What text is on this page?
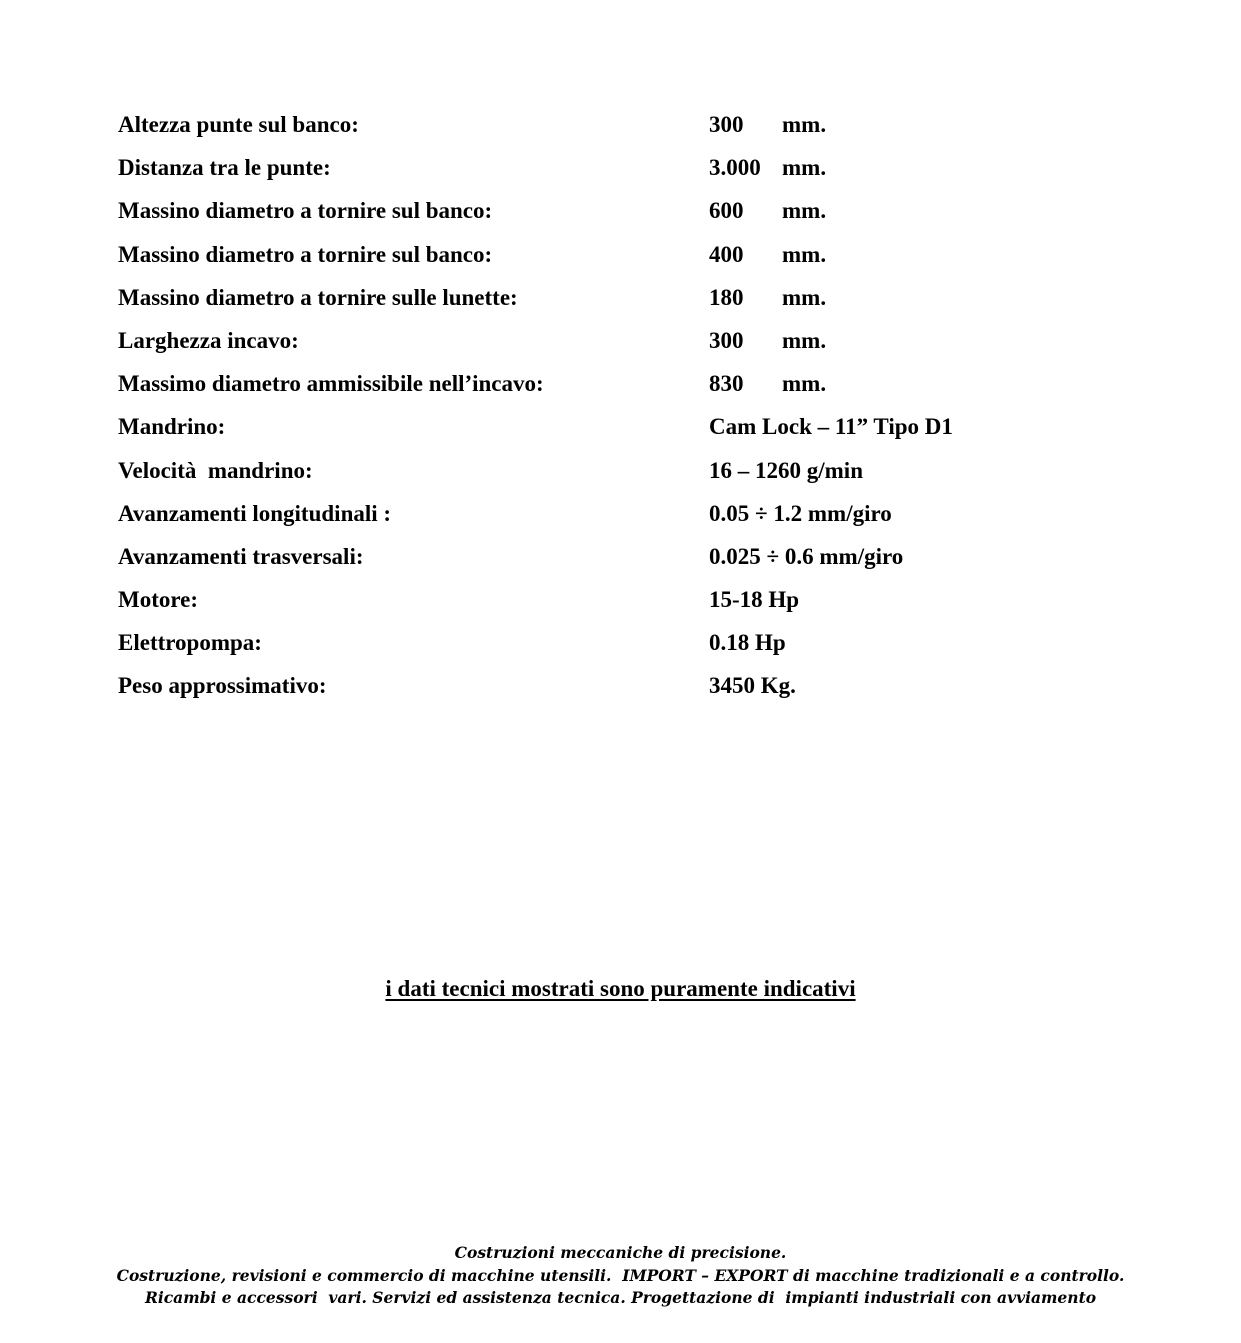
Altezza punte sul banco:

	300

mm.

Distanza tra le punte:

	3.000

mm.

Massino diametro a tornire sul banco:

	600

mm.

Massino diametro a tornire sul banco:

	400

mm.

Massino diametro a tornire sulle lunette:

	180

mm.

Larghezza incavo:

	300

mm.

Massimo diametro ammissibile nell’incavo:

	830

mm.

Mandrino:

	Cam Lock – 11” Tipo D1

Velocità  mandrino:

	16 – 1260 g/min

Avanzamenti longitudinali :

	0.05 ÷ 1.2 mm/giro

Avanzamenti trasversali:

	0.025 ÷ 0.6 mm/giro

Motore:

	15-18 Hp

Elettropompa:

	0.18 Hp

Peso approssimativo:

	3450 Kg.

i dati tecnici mostrati sono puramente indicativi
Costruzioni meccaniche di precisione.
Costruzione, revisioni e commercio di macchine utensili.  IMPORT – EXPORT di macchine tradizionali e a controllo.
Ricambi e accessori  vari. Servizi ed assistenza tecnica. Progettazione di  impianti industriali con avviamento
